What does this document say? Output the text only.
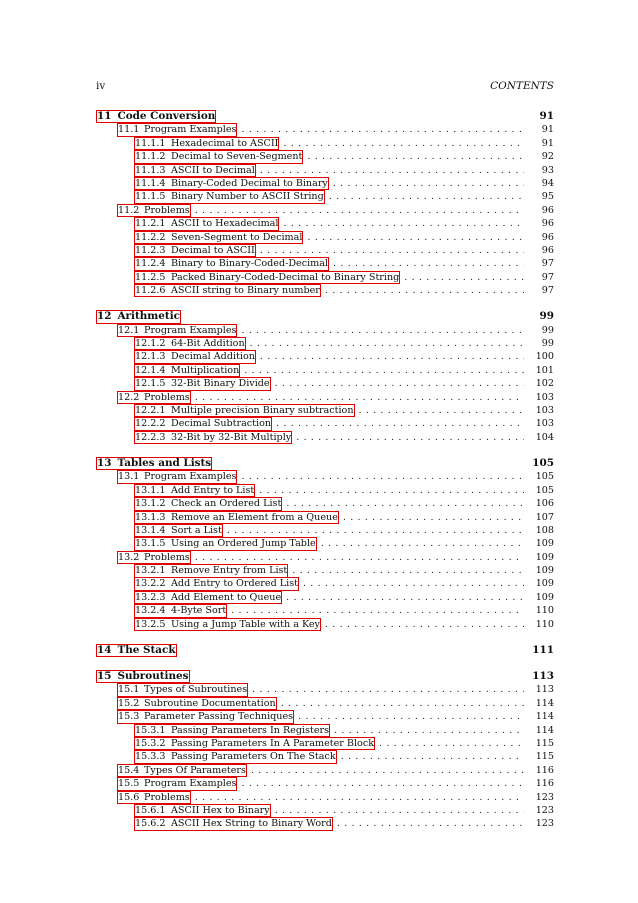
iv	CONTENTS
11 Code Conversion	91
11.1 Program Examples . . .	91
11.1.1 Hexadecimal to ASCII . . .	91
11.1.2 Decimal to Seven-Segment . . .	92
11.1.3 ASCII to Decimal . . .	93
11.1.4 Binary-Coded Decimal to Binary . . .	94
11.1.5 Binary Number to ASCII String . . .	95
11.2 Problems . . .	96
11.2.1 ASCII to Hexadecimal . . .	96
11.2.2 Seven-Segment to Decimal . . .	96
11.2.3 Decimal to ASCII . . .	96
11.2.4 Binary to Binary-Coded-Decimal . . .	97
11.2.5 Packed Binary-Coded-Decimal to Binary String . . .	97
11.2.6 ASCII string to Binary number . . .	97
12 Arithmetic	99
12.1 Program Examples . . .	99
12.1.2 64-Bit Addition . . .	99
12.1.3 Decimal Addition . . .	100
12.1.4 Multiplication . . .	101
12.1.5 32-Bit Binary Divide . . .	102
12.2 Problems . . .	103
12.2.1 Multiple precision Binary subtraction . . .	103
12.2.2 Decimal Subtraction . . .	103
12.2.3 32-Bit by 32-Bit Multiply . . .	104
13 Tables and Lists	105
13.1 Program Examples . . .	105
13.1.1 Add Entry to List . . .	105
13.1.2 Check an Ordered List . . .	106
13.1.3 Remove an Element from a Queue . . .	107
13.1.4 Sort a List . . .	108
13.1.5 Using an Ordered Jump Table . . .	109
13.2 Problems . . .	109
13.2.1 Remove Entry from List . . .	109
13.2.2 Add Entry to Ordered List . . .	109
13.2.3 Add Element to Queue . . .	109
13.2.4 4-Byte Sort . . .	110
13.2.5 Using a Jump Table with a Key . . .	110
14 The Stack	111
15 Subroutines	113
15.1 Types of Subroutines . . .	113
15.2 Subroutine Documentation . . .	114
15.3 Parameter Passing Techniques . . .	114
15.3.1 Passing Parameters In Registers . . .	114
15.3.2 Passing Parameters In A Parameter Block . . .	115
15.3.3 Passing Parameters On The Stack . . .	115
15.4 Types Of Parameters . . .	116
15.5 Program Examples . . .	116
15.6 Problems . . .	123
15.6.1 ASCII Hex to Binary . . .	123
15.6.2 ASCII Hex String to Binary Word . . .	123
